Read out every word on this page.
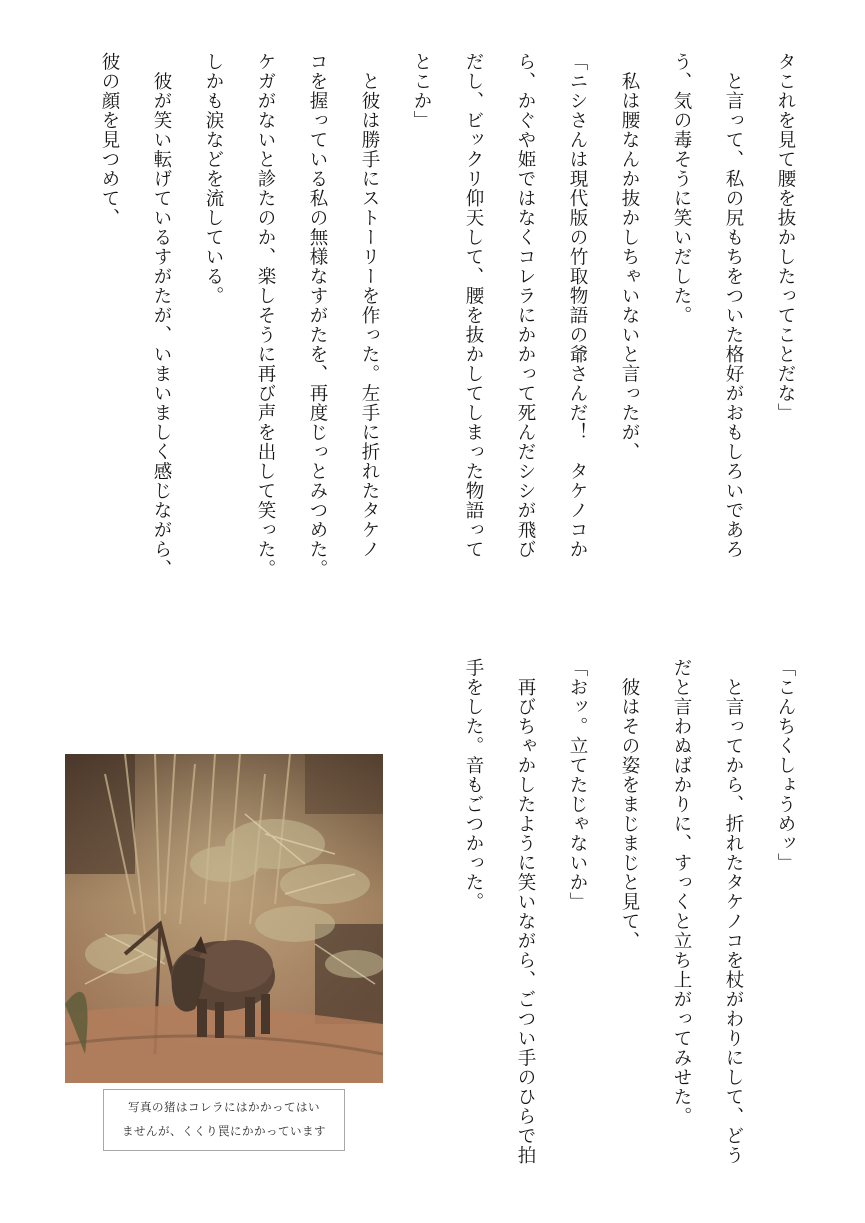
タこれを見て腰を抜かしたってことだな」

　と言って、私の尻もちをついた格好がおもしろいであろ

う、気の毒そうに笑いだした。

　私は腰なんか抜かしちゃいないと言ったが、

「ニシさんは現代版の竹取物語の爺さんだ！　タケノコか

ら、かぐや姫ではなくコレラにかかって死んだシシが飛び

だし、ビックリ仰天して、腰を抜かしてしまった物語って

とこか」

　と彼は勝手にストーリーを作った。左手に折れたタケノ

コを握っている私の無様なすがたを、再度じっとみつめた。

ケガがないと診たのか、楽しそうに再び声を出して笑った。

しかも涙などを流している。

　彼が笑い転げているすがたが、いまいましく感じながら、

彼の顔を見つめて、

「こんちくしょうめッ」

　と言ってから、折れたタケノコを杖がわりにして、どう

だと言わぬばかりに、すっくと立ち上がってみせた。

　彼はその姿をまじまじと見て、

「おッ。立てたじゃないか」

　再びちゃかしたように笑いながら、ごつい手のひらで拍

手をした。音もごつかった。

写真の猪はコレラにはかかってはい
ませんが、くくり罠にかかっています
